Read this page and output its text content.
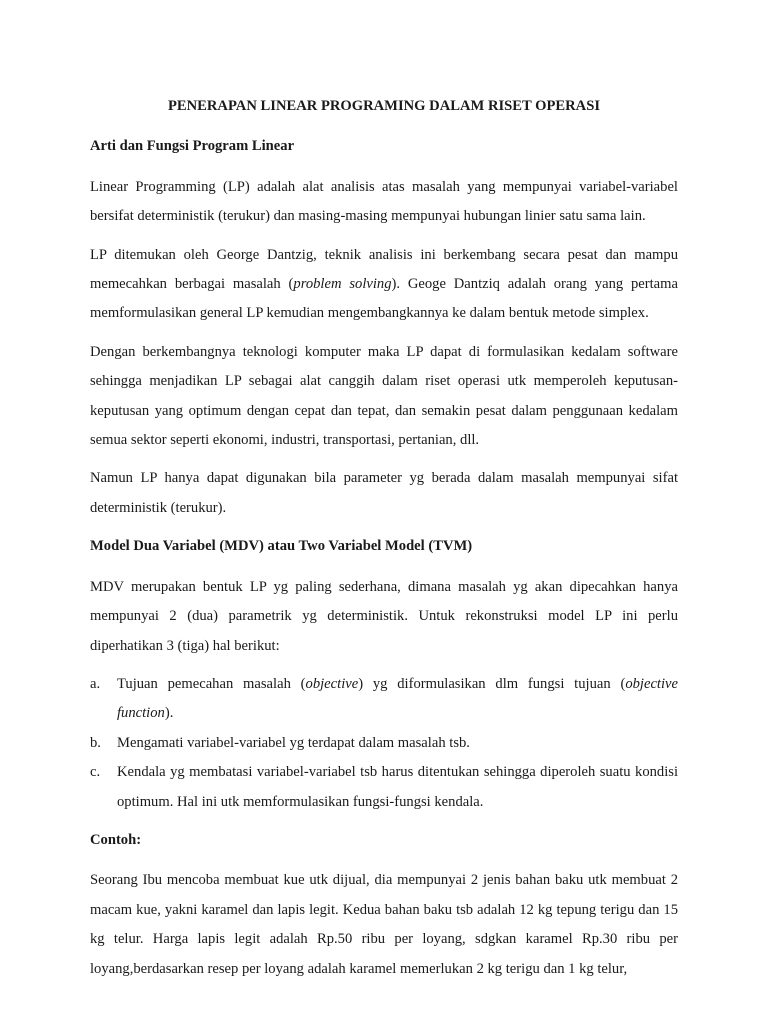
PENERAPAN LINEAR PROGRAMING DALAM RISET OPERASI
Arti dan Fungsi Program Linear

Linear Programming (LP) adalah alat analisis atas masalah yang mempunyai variabel-variabel bersifat deterministik (terukur) dan masing-masing mempunyai hubungan linier satu sama lain.

LP ditemukan oleh George Dantzig, teknik analisis ini berkembang secara pesat dan mampu memecahkan berbagai masalah (problem solving). Geoge Dantziq adalah orang yang pertama memformulasikan general LP kemudian mengembangkannya ke dalam bentuk metode simplex.

Dengan berkembangnya teknologi komputer maka LP dapat di formulasikan kedalam software sehingga menjadikan LP sebagai alat canggih dalam riset operasi utk memperoleh keputusan-keputusan yang optimum dengan cepat dan tepat, dan semakin pesat dalam penggunaan kedalam semua sektor seperti ekonomi, industri, transportasi, pertanian, dll.

Namun LP hanya dapat digunakan bila parameter yg berada dalam masalah mempunyai sifat deterministik (terukur).

Model Dua Variabel (MDV) atau Two Variabel Model (TVM)

MDV merupakan bentuk LP yg paling sederhana, dimana masalah yg akan dipecahkan hanya mempunyai 2 (dua) parametrik yg deterministik. Untuk rekonstruksi model LP ini perlu diperhatikan 3 (tiga) hal berikut:

a. Tujuan pemecahan masalah (objective) yg diformulasikan dlm fungsi tujuan (objective function).
b. Mengamati variabel-variabel yg terdapat dalam masalah tsb.
c. Kendala yg membatasi variabel-variabel tsb harus ditentukan sehingga diperoleh suatu kondisi optimum. Hal ini utk memformulasikan fungsi-fungsi kendala.
Contoh:

Seorang Ibu mencoba membuat kue utk dijual, dia mempunyai 2 jenis bahan baku utk membuat 2 macam kue, yakni karamel dan lapis legit. Kedua bahan baku tsb adalah 12 kg tepung terigu dan 15 kg telur. Harga lapis legit adalah Rp.50 ribu per loyang, sdgkan karamel Rp.30 ribu per loyang,berdasarkan resep per loyang adalah karamel memerlukan 2 kg terigu dan 1 kg telur,
